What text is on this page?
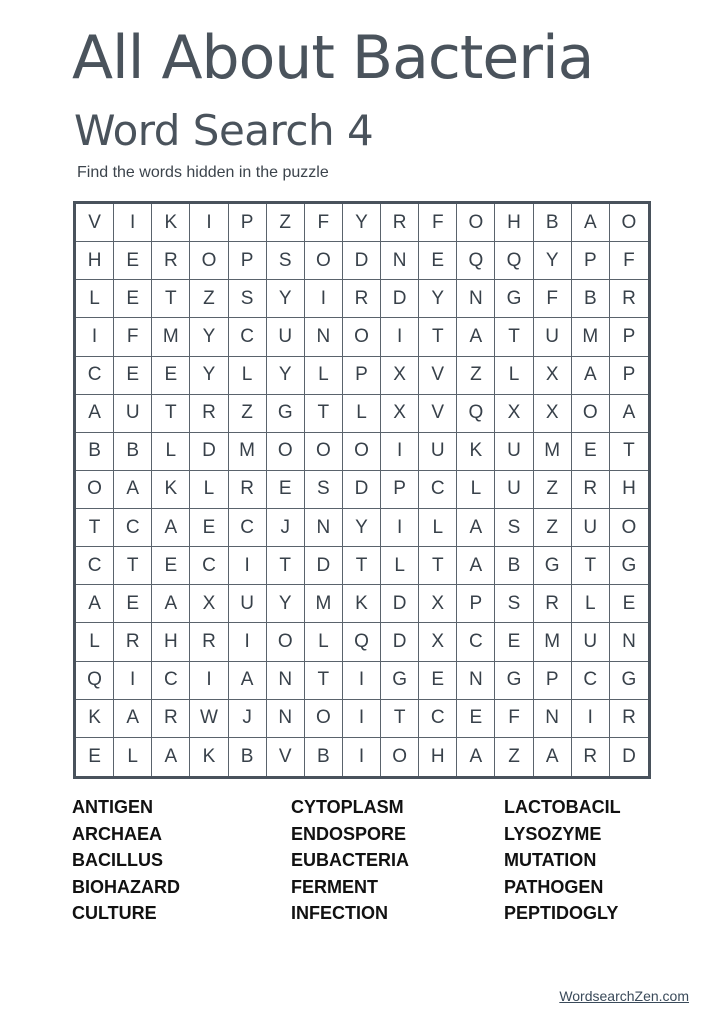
All About Bacteria
Word Search 4

Find the words hidden in the puzzle

V	I	K	I	P	Z	F	Y	R	F	O	H	B	A	O
H	E	R	O	P	S	O	D	N	E	Q	Q	Y	P	F
L	E	T	Z	S	Y	I	R	D	Y	N	G	F	B	R
I	F	M	Y	C	U	N	O	I	T	A	T	U	M	P
C	E	E	Y	L	Y	L	P	X	V	Z	L	X	A	P
A	U	T	R	Z	G	T	L	X	V	Q	X	X	O	A
B	B	L	D	M	O	O	O	I	U	K	U	M	E	T
O	A	K	L	R	E	S	D	P	C	L	U	Z	R	H
T	C	A	E	C	J	N	Y	I	L	A	S	Z	U	O
C	T	E	C	I	T	D	T	L	T	A	B	G	T	G
A	E	A	X	U	Y	M	K	D	X	P	S	R	L	E
L	R	H	R	I	O	L	Q	D	X	C	E	M	U	N
Q	I	C	I	A	N	T	I	G	E	N	G	P	C	G
K	A	R	W	J	N	O	I	T	C	E	F	N	I	R
E	L	A	K	B	V	B	I	O	H	A	Z	A	R	D
ANTIGEN
ARCHAEA
BACILLUS
BIOHAZARD
CULTURE
CYTOPLASM
ENDOSPORE
EUBACTERIA
FERMENT
INFECTION
LACTOBACIL
LYSOZYME
MUTATION
PATHOGEN
PEPTIDOGLY
WordsearchZen.com
